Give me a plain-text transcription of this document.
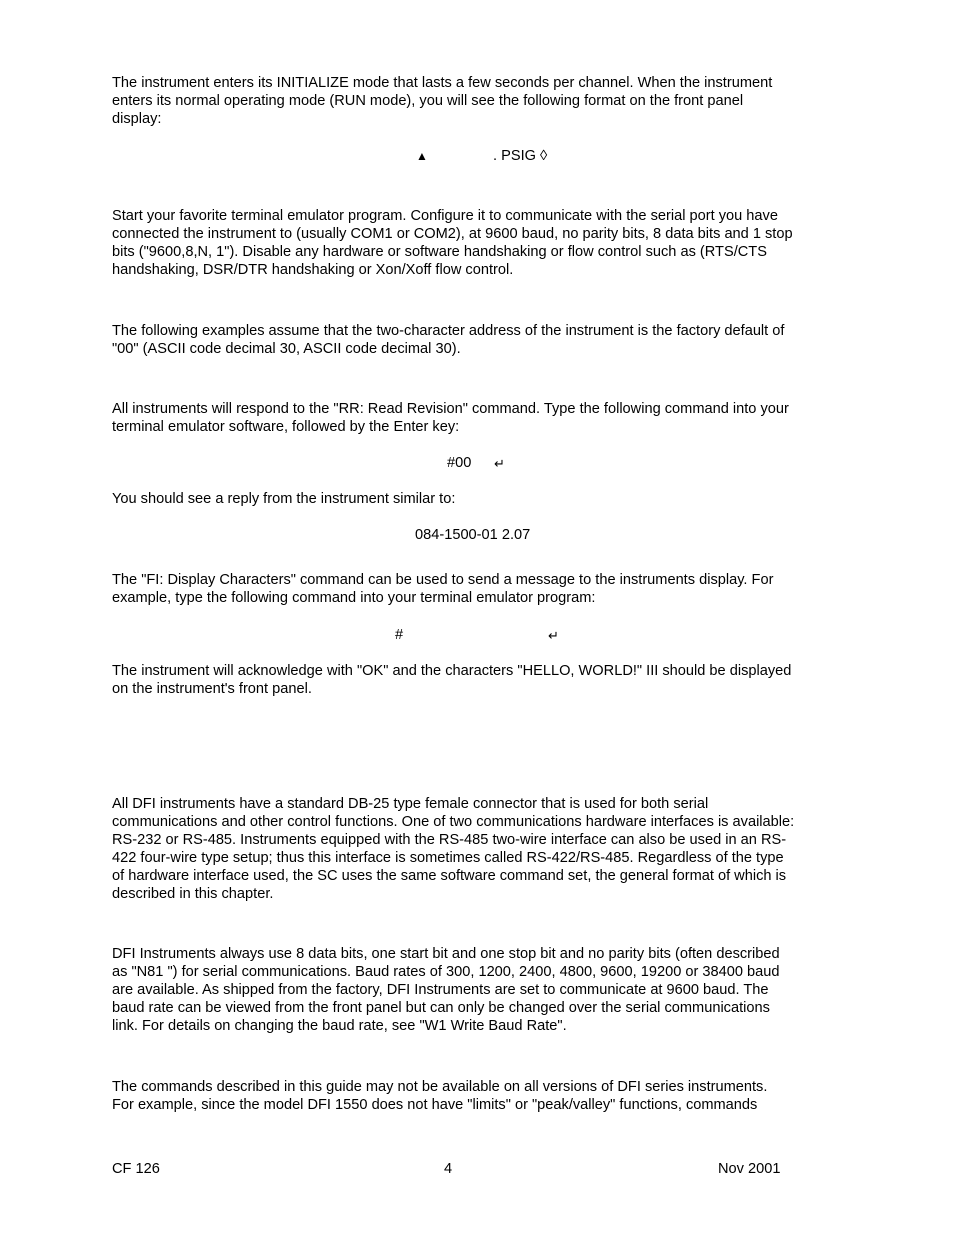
The instrument enters its INITIALIZE mode that lasts a few seconds per channel. When the instrument
enters its normal operating mode (RUN mode), you will see the following format on the front panel
display:
▲	. PSIG ◊
Start your favorite terminal emulator program. Configure it to communicate with the serial port you have
connected the instrument to (usually COM1 or COM2), at 9600 baud, no parity bits, 8 data bits and 1 stop
bits ("9600,8,N, 1"). Disable any hardware or software handshaking or flow control such as (RTS/CTS
handshaking, DSR/DTR handshaking or Xon/Xoff flow control.
The following examples assume that the two-character address of the instrument is the factory default of
"00" (ASCII code decimal 30, ASCII code decimal 30).
All instruments will respond to the "RR: Read Revision" command. Type the following command into your
terminal emulator software, followed by the Enter key:
#00 ↵
You should see a reply from the instrument similar to:
084-1500-01 2.07
The "FI: Display Characters" command can be used to send a message to the instruments display. For
example, type the following command into your terminal emulator program:
#	↵
The instrument will acknowledge with "OK" and the characters "HELLO, WORLD!" III should be displayed
on the instrument's front panel.
All DFI instruments have a standard DB-25 type female connector that is used for both serial
communications and other control functions. One of two communications hardware interfaces is available:
RS-232 or RS-485. Instruments equipped with the RS-485 two-wire interface can also be used in an RS-
422 four-wire type setup; thus this interface is sometimes called RS-422/RS-485. Regardless of the type
of hardware interface used, the SC uses the same software command set, the general format of which is
described in this chapter.
DFI Instruments always use 8 data bits, one start bit and one stop bit and no parity bits (often described
as "N81 ") for serial communications. Baud rates of 300, 1200, 2400, 4800, 9600, 19200 or 38400 baud
are available. As shipped from the factory, DFI Instruments are set to communicate at 9600 baud. The
baud rate can be viewed from the front panel but can only be changed over the serial communications
link. For details on changing the baud rate, see "W1 Write Baud Rate".
The commands described in this guide may not be available on all versions of DFI series instruments.
For example, since the model DFI 1550 does not have "limits" or "peak/valley" functions, commands
CF 126	4	Nov 2001
